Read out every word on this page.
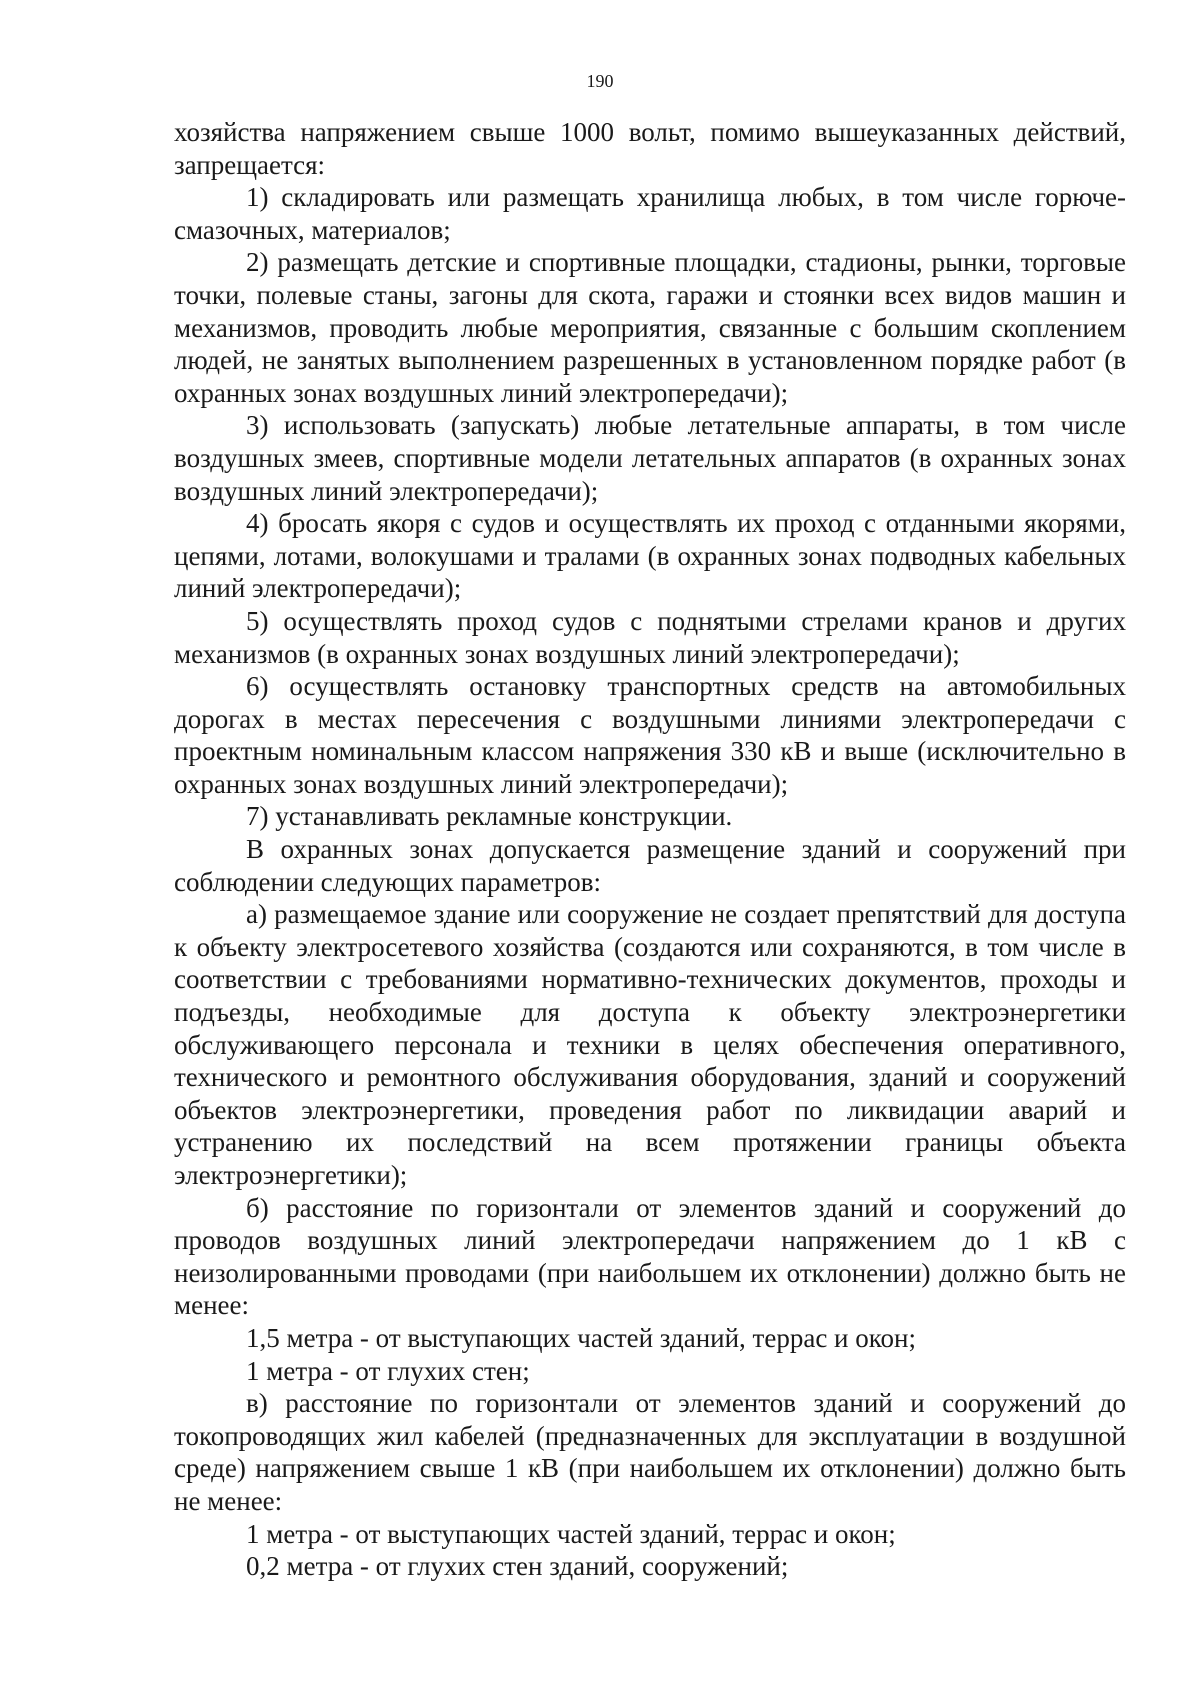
190

хозяйства напряжением свыше 1000 вольт, помимо вышеуказанных действий, запрещается:

1) складировать или размещать хранилища любых, в том числе горюче-смазочных, материалов;

2) размещать детские и спортивные площадки, стадионы, рынки, торговые точки, полевые станы, загоны для скота, гаражи и стоянки всех видов машин и механизмов, проводить любые мероприятия, связанные с большим скоплением людей, не занятых выполнением разрешенных в установленном порядке работ (в охранных зонах воздушных линий электропередачи);

3) использовать (запускать) любые летательные аппараты, в том числе воздушных змеев, спортивные модели летательных аппаратов (в охранных зонах воздушных линий электропередачи);

4) бросать якоря с судов и осуществлять их проход с отданными якорями, цепями, лотами, волокушами и тралами (в охранных зонах подводных кабельных линий электропередачи);

5) осуществлять проход судов с поднятыми стрелами кранов и других механизмов (в охранных зонах воздушных линий электропередачи);

6) осуществлять остановку транспортных средств на автомобильных дорогах в местах пересечения с воздушными линиями электропередачи с проектным номинальным классом напряжения 330 кВ и выше (исключительно в охранных зонах воздушных линий электропередачи);

7) устанавливать рекламные конструкции.

В охранных зонах допускается размещение зданий и сооружений при соблюдении следующих параметров:

а) размещаемое здание или сооружение не создает препятствий для доступа к объекту электросетевого хозяйства (создаются или сохраняются, в том числе в соответствии с требованиями нормативно-технических документов, проходы и подъезды, необходимые для доступа к объекту электроэнергетики обслуживающего персонала и техники в целях обеспечения оперативного, технического и ремонтного обслуживания оборудования, зданий и сооружений объектов электроэнергетики, проведения работ по ликвидации аварий и устранению их последствий на всем протяжении границы объекта электроэнергетики);

б) расстояние по горизонтали от элементов зданий и сооружений до проводов воздушных линий электропередачи напряжением до 1 кВ с неизолированными проводами (при наибольшем их отклонении) должно быть не менее:

1,5 метра - от выступающих частей зданий, террас и окон;

1 метра - от глухих стен;

в) расстояние по горизонтали от элементов зданий и сооружений до токопроводящих жил кабелей (предназначенных для эксплуатации в воздушной среде) напряжением свыше 1 кВ (при наибольшем их отклонении) должно быть не менее:

1 метра - от выступающих частей зданий, террас и окон;

0,2 метра - от глухих стен зданий, сооружений;
